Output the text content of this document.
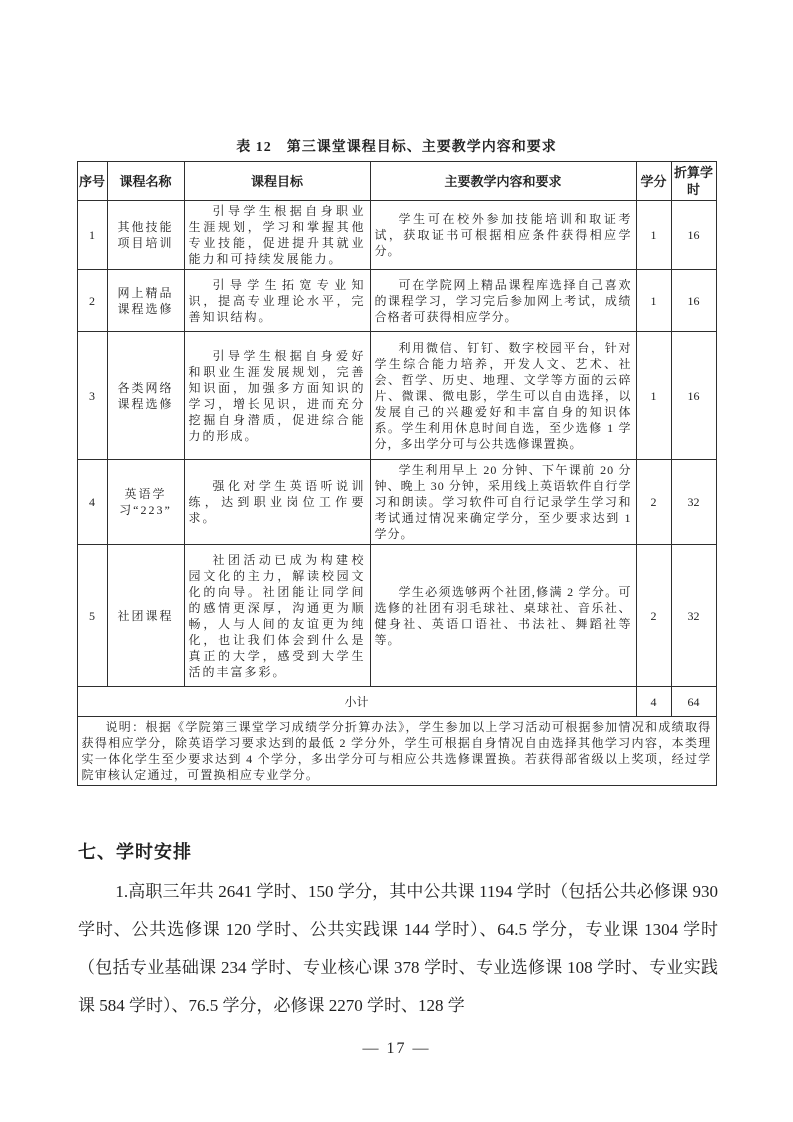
表 12　第三课堂课程目标、主要教学内容和要求
序号	课程名称	课程目标	主要教学内容和要求	学分	折算学时
1	其他技能项目培训	引导学生根据自身职业生涯规划，学习和掌握其他专业技能，促进提升其就业能力和可持续发展能力。	学生可在校外参加技能培训和取证考试，获取证书可根据相应条件获得相应学分。	1	16
2	网上精品课程选修	引导学生拓宽专业知识，提高专业理论水平，完善知识结构。	可在学院网上精品课程库选择自己喜欢的课程学习，学习完后参加网上考试，成绩合格者可获得相应学分。	1	16
3	各类网络课程选修	引导学生根据自身爱好和职业生涯发展规划，完善知识面，加强多方面知识的学习，增长见识，进而充分挖掘自身潜质，促进综合能力的形成。	利用微信、钉钉、数字校园平台，针对学生综合能力培养，开发人文、艺术、社会、哲学、历史、地理、文学等方面的云碎片、微课、微电影，学生可以自由选择，以发展自己的兴趣爱好和丰富自身的知识体系。学生利用休息时间自选，至少选修 1 学分，多出学分可与公共选修课置换。	1	16
4	英语学习“223”	强化对学生英语听说训练，达到职业岗位工作要求。	学生利用早上 20 分钟、下午课前 20 分钟、晚上 30 分钟，采用线上英语软件自行学习和朗读。学习软件可自行记录学生学习和考试通过情况来确定学分，至少要求达到 1 学分。	2	32
5	社团课程	社团活动已成为构建校园文化的主力，解读校园文化的向导。社团能让同学间的感情更深厚，沟通更为顺畅，人与人间的友谊更为纯化，也让我们体会到什么是真正的大学，感受到大学生活的丰富多彩。	学生必须选够两个社团,修满 2 学分。可选修的社团有羽毛球社、桌球社、音乐社、健身社、英语口语社、书法社、舞蹈社等等。	2	32
小计				4	64
说明：根据《学院第三课堂学习成绩学分折算办法》，学生参加以上学习活动可根据参加情况和成绩取得获得相应学分，除英语学习要求达到的最低 2 学分外，学生可根据自身情况自由选择其他学习内容，本类理实一体化学生至少要求达到 4 个学分，多出学分可与相应公共选修课置换。若获得部省级以上奖项，经过学院审核认定通过，可置换相应专业学分。					
七、学时安排

1.高职三年共 2641 学时、150 学分，其中公共课 1194 学时（包括公共必修课 930 学时、公共选修课 120 学时、公共实践课 144 学时）、64.5 学分，专业课 1304 学时（包括专业基础课 234 学时、专业核心课 378 学时、专业选修课 108 学时、专业实践课 584 学时）、76.5 学分，必修课 2270 学时、128 学

— 17 —
